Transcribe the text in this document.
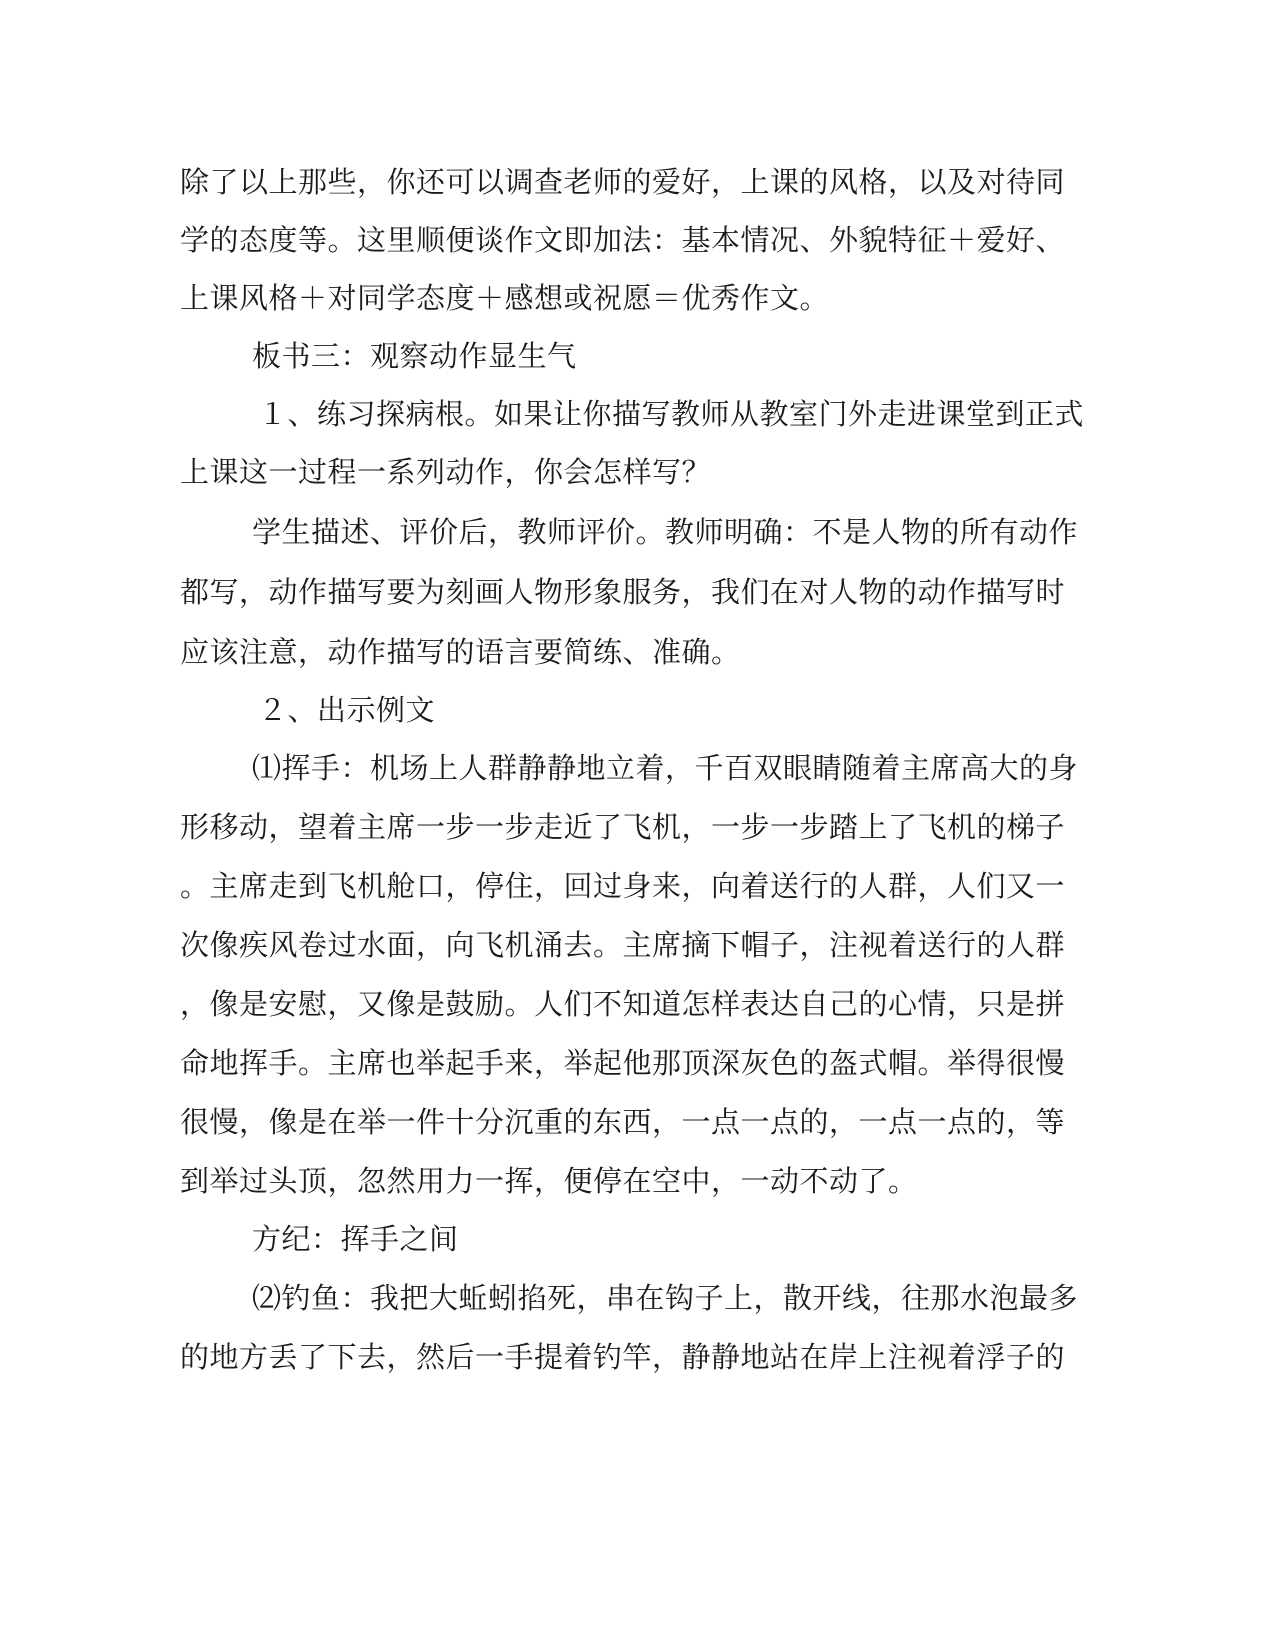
除了以上那些，你还可以调查老师的爱好，上课的风格，以及对待同
学的态度等。这里顺便谈作文即加法：基本情况、外貌特征＋爱好、
上课风格＋对同学态度＋感想或祝愿＝优秀作文。
板书三：观察动作显生气
１、练习探病根。如果让你描写教师从教室门外走进课堂到正式
上课这一过程一系列动作，你会怎样写？
学生描述、评价后，教师评价。教师明确：不是人物的所有动作
都写，动作描写要为刻画人物形象服务，我们在对人物的动作描写时
应该注意，动作描写的语言要简练、准确。
２、出示例文
⑴挥手：机场上人群静静地立着，千百双眼睛随着主席高大的身
形移动，望着主席一步一步走近了飞机，一步一步踏上了飞机的梯子
。主席走到飞机舱口，停住，回过身来，向着送行的人群，人们又一
次像疾风卷过水面，向飞机涌去。主席摘下帽子，注视着送行的人群
，像是安慰，又像是鼓励。人们不知道怎样表达自己的心情，只是拼
命地挥手。主席也举起手来，举起他那顶深灰色的盔式帽。举得很慢
很慢，像是在举一件十分沉重的东西，一点一点的，一点一点的，等
到举过头顶，忽然用力一挥，便停在空中，一动不动了。
方纪：挥手之间
⑵钓鱼：我把大蚯蚓掐死，串在钩子上，散开线，往那水泡最多
的地方丢了下去，然后一手提着钓竿，静静地站在岸上注视着浮子的
